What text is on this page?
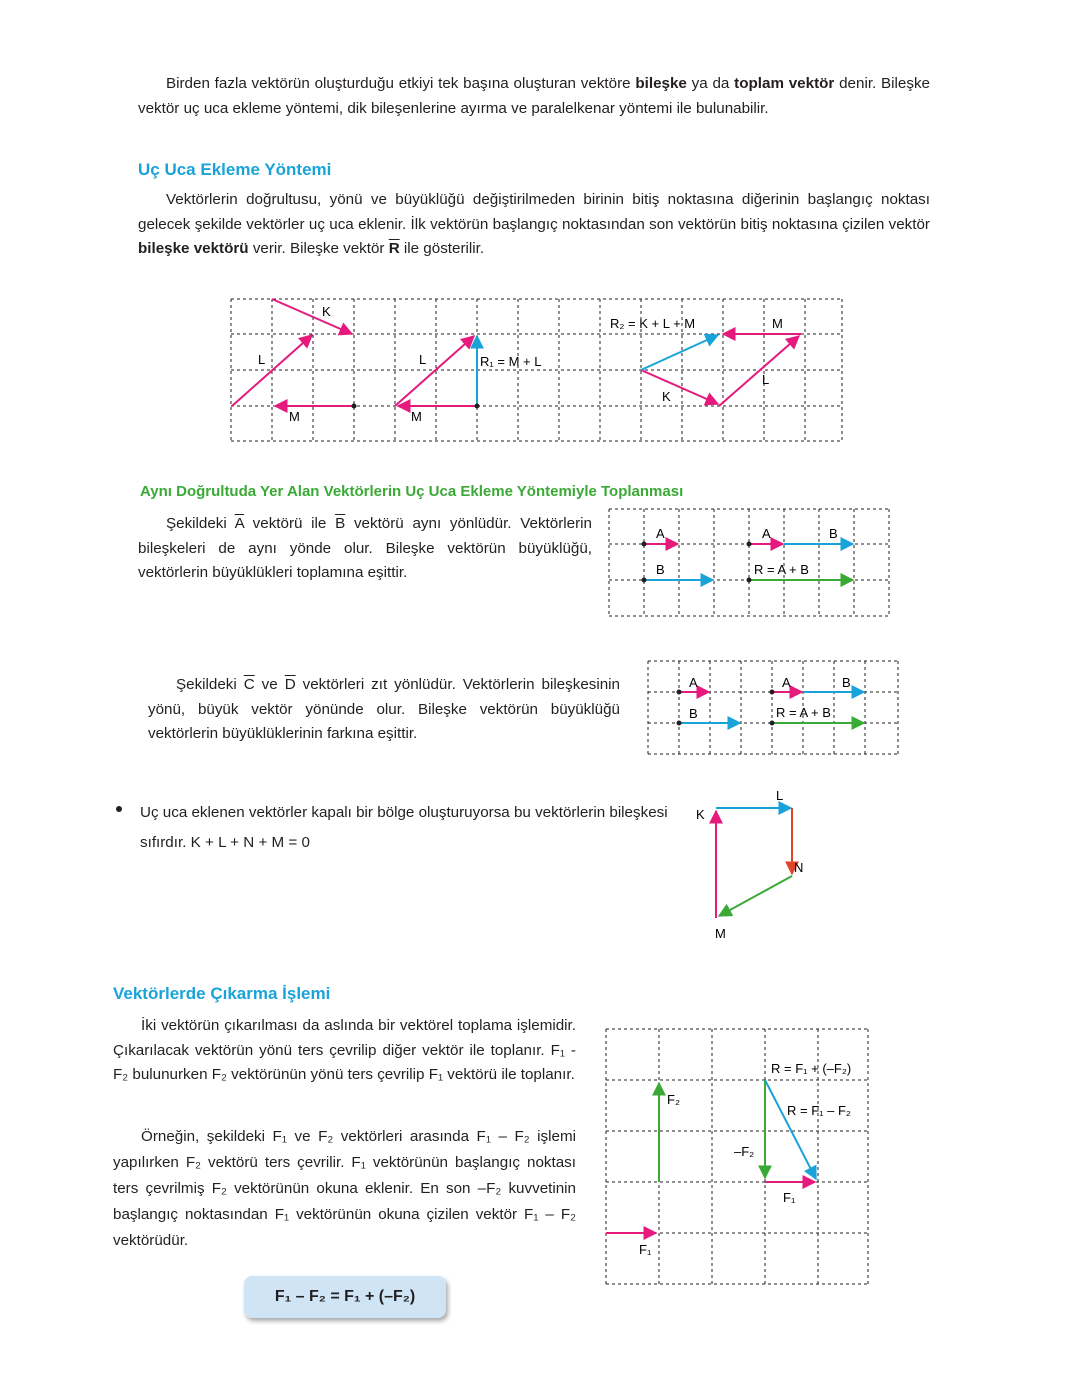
Birden fazla vektörün oluşturduğu etkiyi tek başına oluşturan vektöre bileşke ya da toplam vektör denir. Bileşke vektör uç uca ekleme yöntemi, dik bileşenlerine ayırma ve paralelkenar yöntemi ile bulunabilir.

Uç Uca Ekleme Yöntemi

Vektörlerin doğrultusu, yönü ve büyüklüğü değiştirilmeden birinin bitiş noktasına diğerinin başlangıç noktası gelecek şekilde vektörler uç uca eklenir. İlk vektörün başlangıç noktasından son vektörün bitiş noktasına çizilen vektör bileşke vektörü verir. Bileşke vektör $\overline{R}$ ile gösterilir.

K
L
M
L
M
R₁ = M + L
R₂ = K + L + M	M
L
K
Aynı Doğrultuda Yer Alan Vektörlerin Uç Uca Ekleme Yöntemiyle Toplanması

Şekildeki $\overline{A}$ vektörü ile $\overline{B}$ vektörü aynı yönlüdür. Vektörlerin bileşkeleri de aynı yönde olur. Bileşke vektörün büyüklüğü, vektörlerin büyüklükleri toplamına eşittir.

A
B
A	B
R = A + B

Şekildeki $\overline{C}$ ve $\overline{D}$ vektörleri zıt yönlüdür. Vektörlerin bileşkesinin yönü, büyük vektör yönünde olur. Bileşke vektörün büyüklüğü vektörlerin büyüklüklerinin farkına eşittir.

A
B
A	B
R = A + B

Uç uca eklenen vektörler kapalı bir bölge oluşturuyorsa bu vektörlerin bileşkesi sıfırdır. K + L + N + M = 0

K
L
N
M
Vektörlerde Çıkarma İşlemi

İki vektörün çıkarılması da aslında bir vektörel toplama işlemidir. Çıkarılacak vektörün yönü ters çevrilip diğer vektör ile toplanır. F₁ - F₂ bulunurken F₂ vektörünün yönü ters çevrilip F₁ vektörü ile toplanır.

Örneğin, şekildeki F₁ ve F₂ vektörleri arasında F₁ – F₂ işlemi yapılırken F₂ vektörü ters çevrilir. F₁ vektörünün başlangıç noktası ters çevrilmiş F₂ vektörünün okuna eklenir. En son –F₂ kuvvetinin başlangıç noktasından F₁ vektörünün okuna çizilen vektör F₁ – F₂ vektörüdür.

F₁ – F₂ = F₁ + (–F₂)
F₂
–F₂
F₁
F₁
R = F₁ + (–F₂)
R = F₁ – F₂
